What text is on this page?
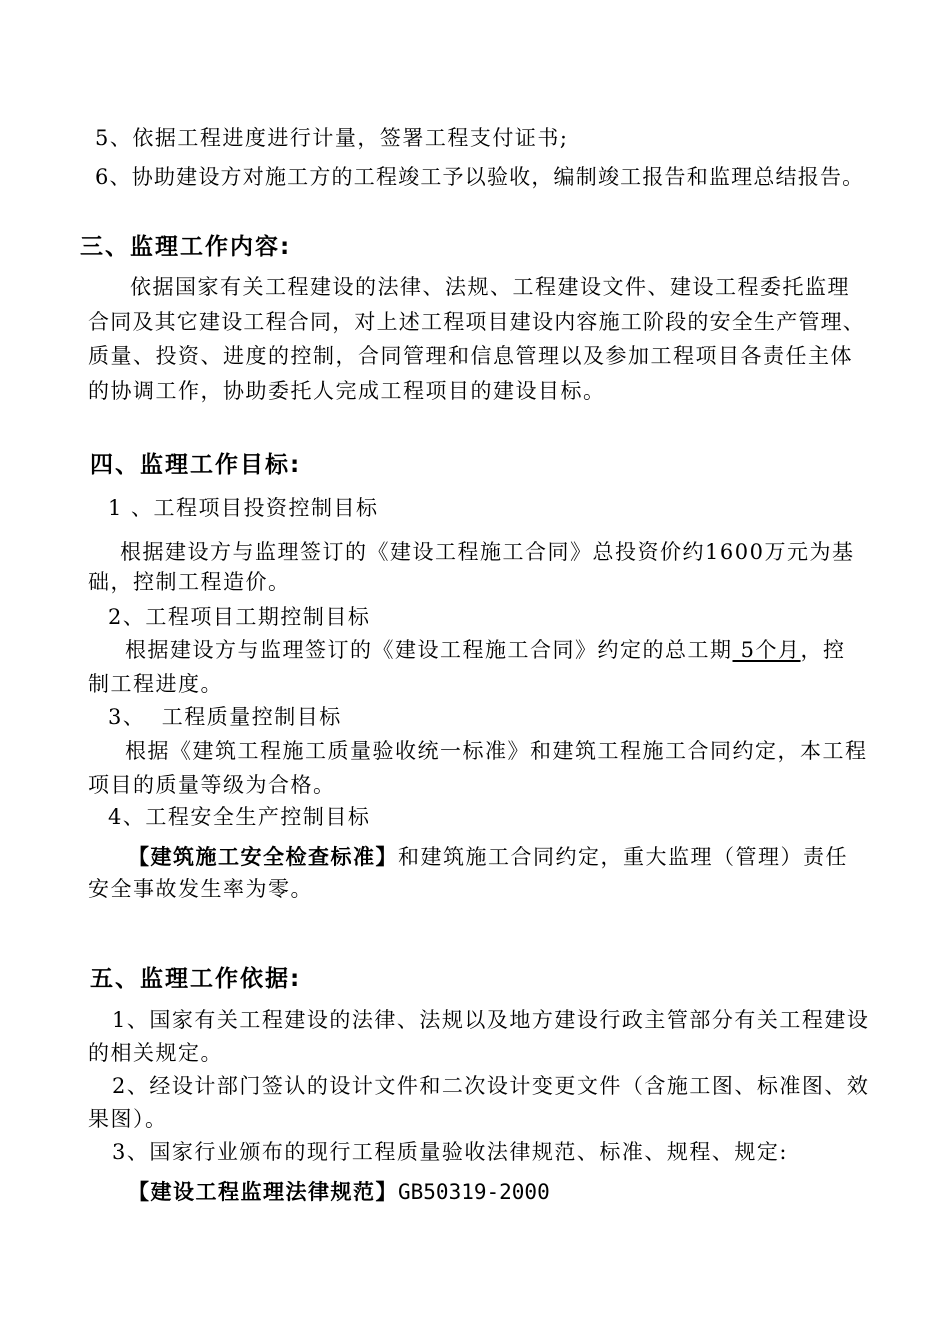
5、依据工程进度进行计量，签署工程支付证书;
6、协助建设方对施工方的工程竣工予以验收，编制竣工报告和监理总结报告。
三、监理工作内容:
依据国家有关工程建设的法律、法规、工程建设文件、建设工程委托监理
合同及其它建设工程合同，对上述工程项目建设内容施工阶段的安全生产管理、
质量、投资、进度的控制，合同管理和信息管理以及参加工程项目各责任主体
的协调工作，协助委托人完成工程项目的建设目标。
四、监理工作目标:
1 、工程项目投资控制目标
根据建设方与监理签订的《建设工程施工合同》总投资价约1600万元为基
础，控制工程造价。
2、工程项目工期控制目标
根据建设方与监理签订的《建设工程施工合同》约定的总工期 5个月，控
制工程进度。
3、  工程质量控制目标
根据《建筑工程施工质量验收统一标准》和建筑工程施工合同约定，本工程
项目的质量等级为合格。
4、工程安全生产控制目标
【建筑施工安全检查标准】和建筑施工合同约定，重大监理（管理）责任
安全事故发生率为零。
五、监理工作依据:
1、国家有关工程建设的法律、法规以及地方建设行政主管部分有关工程建设
的相关规定。
2、经设计部门签认的设计文件和二次设计变更文件（含施工图、标准图、效
果图）。
3、国家行业颁布的现行工程质量验收法律规范、标准、规程、规定:
【建设工程监理法律规范】GB50319-2000
